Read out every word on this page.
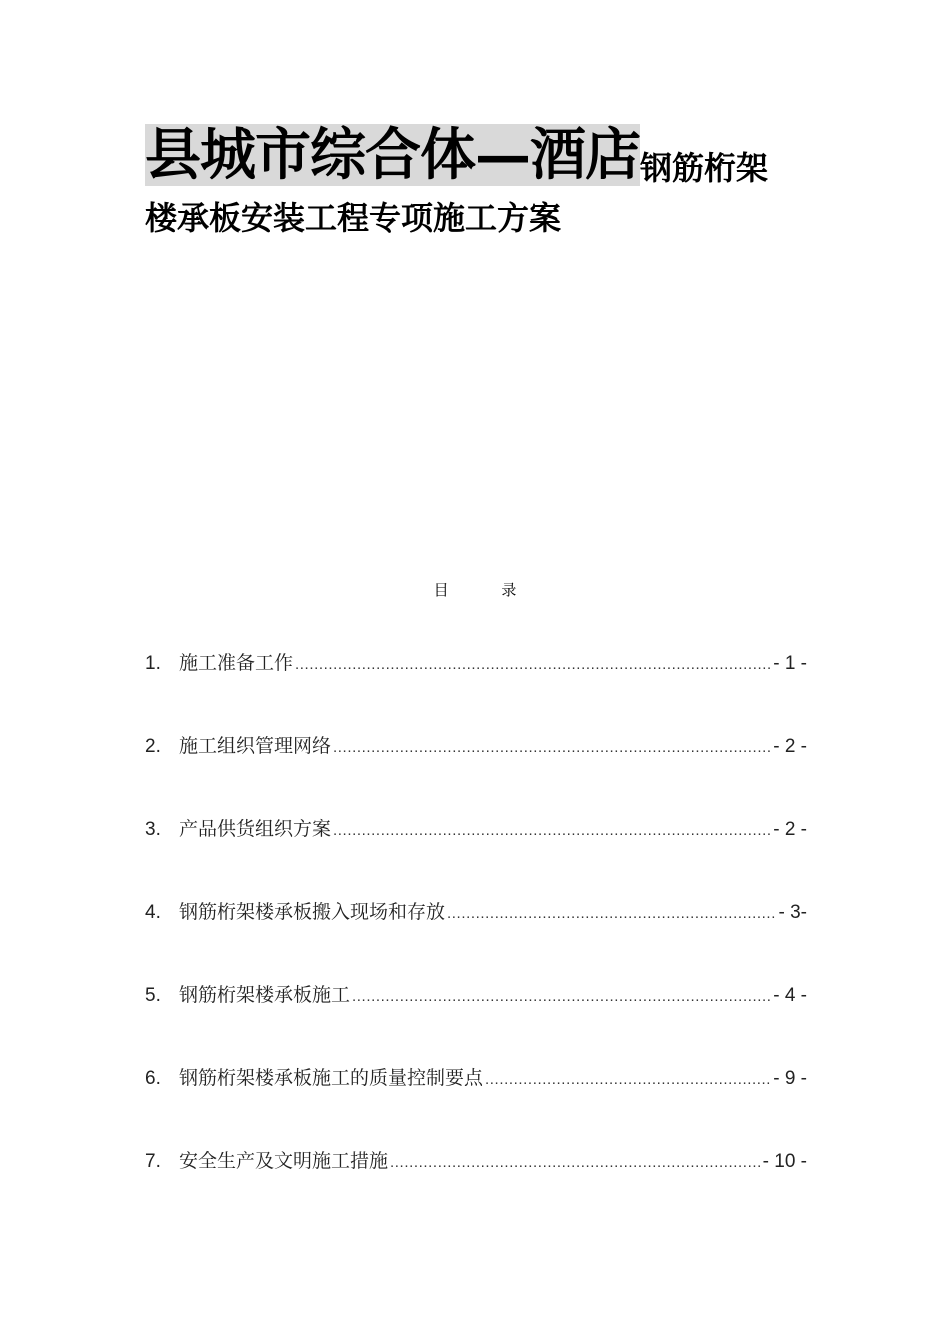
县城市综合体—酒店钢筋桁架
楼承板安装工程专项施工方案
目 录
1. 施工准备工作 .....	- 1 -
2. 施工组织管理网络 .....	- 2 -
3. 产品供货组织方案 .....	- 2 -
4. 钢筋桁架楼承板搬入现场和存放 .....	- 3-
5. 钢筋桁架楼承板施工 .....	- 4 -
6. 钢筋桁架楼承板施工的质量控制要点 .....	- 9 -
7. 安全生产及文明施工措施 .....	- 10 -
